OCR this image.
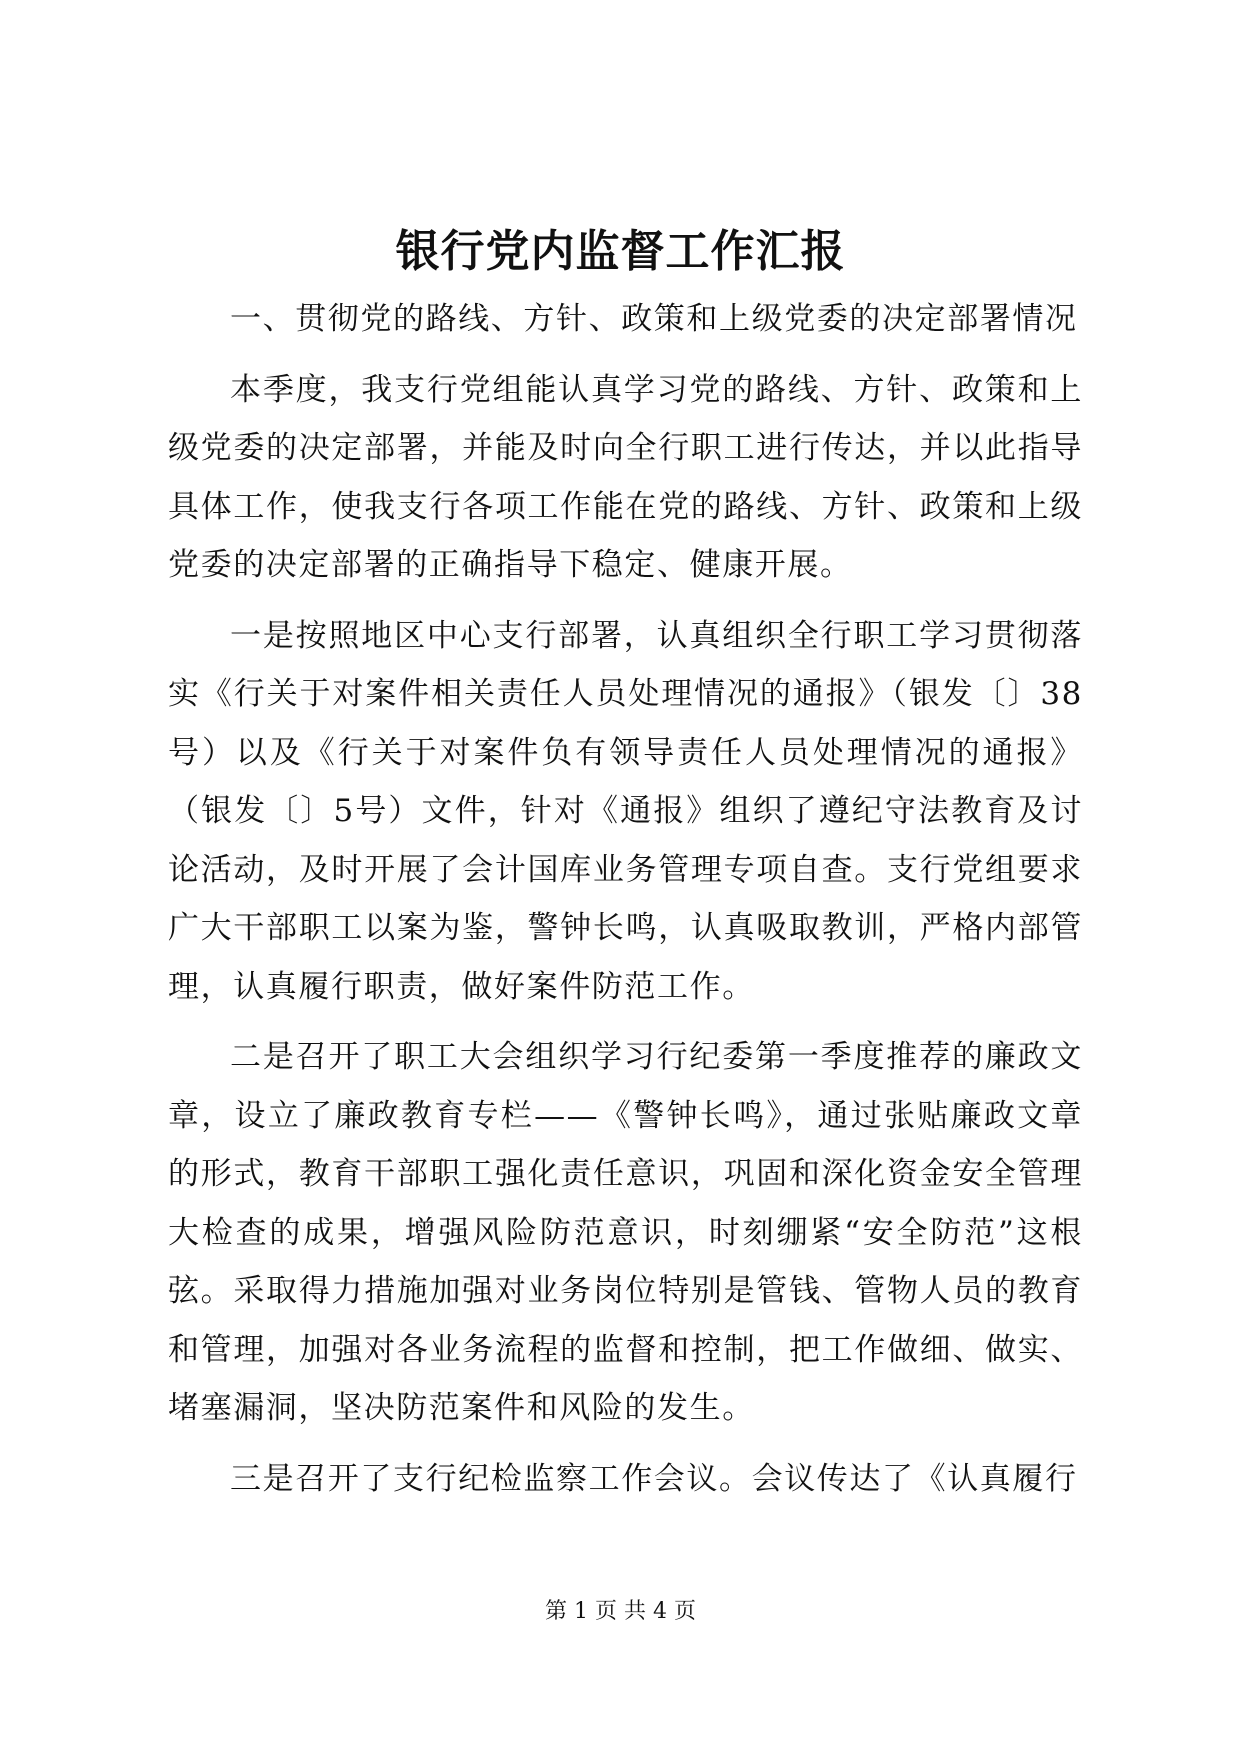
银行党内监督工作汇报

一、贯彻党的路线、方针、政策和上级党委的决定部署情况

本季度，我支行党组能认真学习党的路线、方针、政策和上级党委的决定部署，并能及时向全行职工进行传达，并以此指导具体工作，使我支行各项工作能在党的路线、方针、政策和上级党委的决定部署的正确指导下稳定、健康开展。

一是按照地区中心支行部署，认真组织全行职工学习贯彻落实《行关于对案件相关责任人员处理情况的通报》（银发〔〕38号）以及《行关于对案件负有领导责任人员处理情况的通报》（银发〔〕5号）文件，针对《通报》组织了遵纪守法教育及讨论活动，及时开展了会计国库业务管理专项自查。支行党组要求广大干部职工以案为鉴，警钟长鸣，认真吸取教训，严格内部管理，认真履行职责，做好案件防范工作。

二是召开了职工大会组织学习行纪委第一季度推荐的廉政文章，设立了廉政教育专栏——《警钟长鸣》，通过张贴廉政文章的形式，教育干部职工强化责任意识，巩固和深化资金安全管理大检查的成果，增强风险防范意识，时刻绷紧“安全防范”这根弦。采取得力措施加强对业务岗位特别是管钱、管物人员的教育和管理，加强对各业务流程的监督和控制，把工作做细、做实、堵塞漏洞，坚决防范案件和风险的发生。

三是召开了支行纪检监察工作会议。会议传达了《认真履行

第 1 页 共 4 页
